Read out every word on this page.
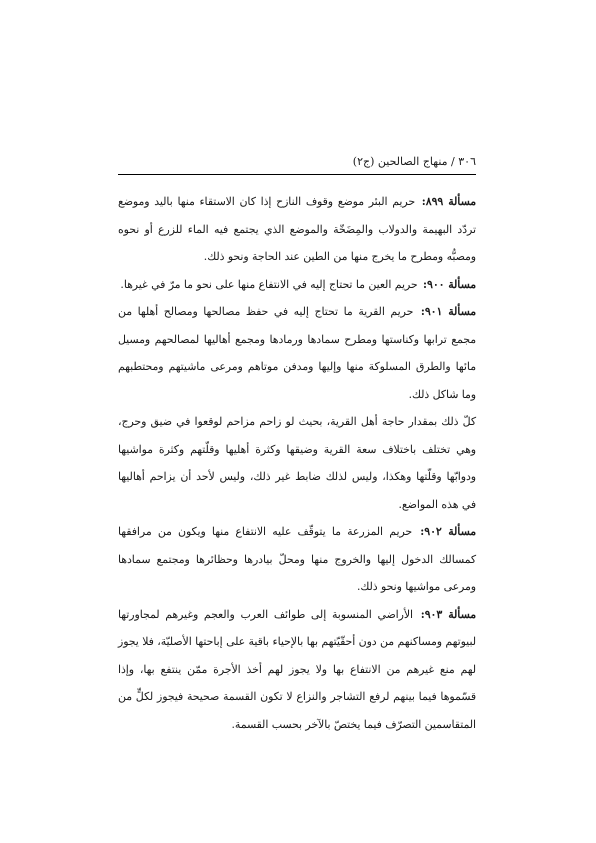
٣٠٦ / منهاج الصالحين (ج٢)

مسألة ٨٩٩: حريم البئر موضع وقوف النازح إذا كان الاستقاء منها باليد وموضع تردّد البهيمة والدولاب والمِضَخّة والموضع الذي يجتمع فيه الماء للزرع أو نحوه ومصبُّه ومطرح ما يخرج منها من الطين عند الحاجة ونحو ذلك.

مسألة ٩٠٠: حريم العين ما تحتاج إليه في الانتفاع منها على نحو ما مرّ في غيرها.

مسألة ٩٠١: حريم القرية ما تحتاج إليه في حفظ مصالحها ومصالح أهلها من مجمع ترابها وكناستها ومطرح سمادها ورمادها ومجمع أهاليها لمصالحهم ومسيل مائها والطرق المسلوكة منها وإليها ومدفن موتاهم ومرعى ماشيتهم ومحتطبهم وما شاكل ذلك.

كلّ ذلك بمقدار حاجة أهل القرية، بحيث لو زاحم مزاحم لوقعوا في ضيق وحرج، وهي تختلف باختلاف سعة القرية وضيقها وكثرة أهليها وقلّتهم وكثرة مواشيها ودوابّها وقلّتها وهكذا، وليس لذلك ضابط غير ذلك، وليس لأحد أن يزاحم أهاليها في هذه المواضع.

مسألة ٩٠٢: حريم المزرعة ما يتوقّف عليه الانتفاع منها ويكون من مرافقها كمسالك الدخول إليها والخروج منها ومحلّ بيادرها وحظائرها ومجتمع سمادها ومرعى مواشيها ونحو ذلك.

مسألة ٩٠٣: الأراضي المنسوبة إلى طوائف العرب والعجم وغيرهم لمجاورتها لبيوتهم ومساكنهم من دون أحقّيّتهم بها بالإحياء باقية على إباحتها الأصليّة، فلا يجوز لهم منع غيرهم من الانتفاع بها ولا يجوز لهم أخذ الأجرة ممّن ينتفع بها، وإذا قسّموها فيما بينهم لرفع التشاجر والنزاع لا تكون القسمة صحيحة فيجوز لكلٍّ من المتقاسمين التصرّف فيما يختصّ بالآخر بحسب القسمة.
